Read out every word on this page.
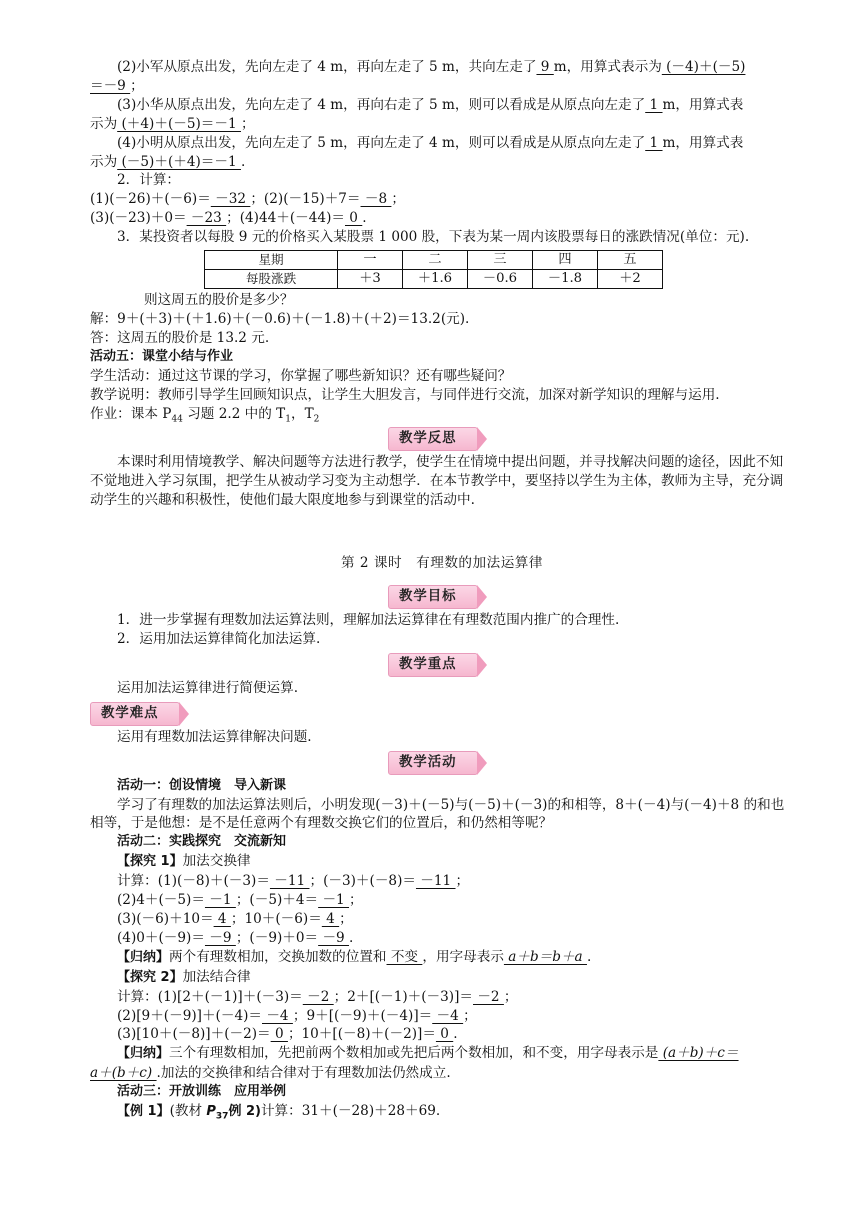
(2)小军从原点出发，先向左走了 4 m，再向左走了 5 m，共向左走了 9 m，用算式表示为 (－4)＋(－5)
＝－9 ；
(3)小华从原点出发，先向左走了 4 m，再向右走了 5 m，则可以看成是从原点向左走了 1 m，用算式表
示为 (＋4)＋(－5)＝－1 ；
(4)小明从原点出发，先向左走了 5 m，再向左走了 4 m，则可以看成是从原点向左走了 1 m，用算式表
示为 (－5)＋(＋4)＝－1 .
2．计算：
(1)(－26)＋(－6)＝ －32 ；(2)(－15)＋7＝ －8 ；
(3)(－23)＋0＝ －23 ；(4)44＋(－44)＝ 0 .
3．某投资者以每股 9 元的价格买入某股票 1 000 股，下表为某一周内该股票每日的涨跌情况(单位：元).
星期	一	二	三	四	五
每股涨跌	＋3	＋1.6	－0.6	－1.8	＋2
则这周五的股价是多少？
解：9＋(＋3)＋(＋1.6)＋(－0.6)＋(－1.8)＋(＋2)＝13.2(元).
答：这周五的股价是 13.2 元.
活动五：课堂小结与作业
学生活动：通过这节课的学习，你掌握了哪些新知识？还有哪些疑问？
教学说明：教师引导学生回顾知识点，让学生大胆发言，与同伴进行交流，加深对新学知识的理解与运用.
作业：课本 $P_{44}$ 习题 2.2 中的 $T_1$，$T_2$
教学反思
本课时利用情境教学、解决问题等方法进行教学，使学生在情境中提出问题，并寻找解决问题的途径，因此不知不觉地进入学习氛围，把学生从被动学习变为主动想学．在本节教学中，要坚持以学生为主体，教师为主导，充分调动学生的兴趣和积极性，使他们最大限度地参与到课堂的活动中.
第 2 课时　有理数的加法运算律
教学目标
1．进一步掌握有理数加法运算法则，理解加法运算律在有理数范围内推广的合理性.
2．运用加法运算律简化加法运算.
教学重点
运用加法运算律进行简便运算.
教学难点
运用有理数加法运算律解决问题.
教学活动
活动一：创设情境　导入新课
学习了有理数的加法运算法则后，小明发现(－3)＋(－5)与(－5)＋(－3)的和相等，8＋(－4)与(－4)＋8 的和也相等，于是他想：是不是任意两个有理数交换它们的位置后，和仍然相等呢？
活动二：实践探究　交流新知
【探究 1】加法交换律
计算：(1)(－8)＋(－3)＝ －11 ；(－3)＋(－8)＝ －11 ；
(2)4＋(－5)＝ －1 ；(－5)＋4＝ －1 ；
(3)(－6)＋10＝ 4 ；10＋(－6)＝ 4 ；
(4)0＋(－9)＝ －9 ；(－9)＋0＝ －9 .
【归纳】两个有理数相加，交换加数的位置和 不变 ，用字母表示 a＋b＝b＋a .
【探究 2】加法结合律
计算：(1)[2＋(－1)]＋(－3)＝ －2 ；2＋[(－1)＋(－3)]＝ －2 ；
(2)[9＋(－9)]＋(－4)＝ －4 ；9＋[(－9)＋(－4)]＝ －4 ；
(3)[10＋(－8)]＋(－2)＝ 0 ；10＋[(－8)＋(－2)]＝ 0 .
【归纳】三个有理数相加，先把前两个数相加或先把后两个数相加，和不变，用字母表示是 (a＋b)＋c＝
a＋(b＋c) .加法的交换律和结合律对于有理数加法仍然成立.
活动三：开放训练　应用举例
【例 1】(教材 $P_{37}$例 2)计算：31＋(－28)＋28＋69.
